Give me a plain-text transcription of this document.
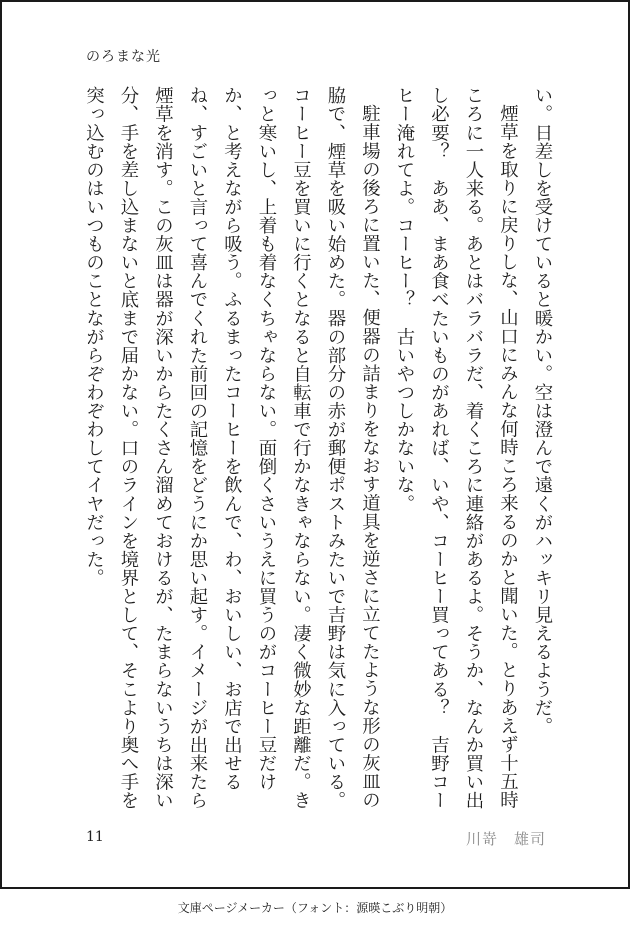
のろまな光
い。日差しを受けていると暖かい。空は澄んで遠くがハッキリ見えるようだ。
煙草を取りに戻りしな、山口にみんな何時ころ来るのかと聞いた。とりあえず十五時ころに一人来る。あとはバラバラだ、着くころに連絡があるよ。そうか、なんか買い出し必要？　ああ、まあ食べたいものがあれば、いや、コーヒー買ってある？　吉野コーヒー淹れてよ。コーヒー？　古いやつしかないな。
駐車場の後ろに置いた、便器の詰まりをなおす道具を逆さに立てたような形の灰皿の脇で、煙草を吸い始めた。器の部分の赤が郵便ポストみたいで吉野は気に入っている。コーヒー豆を買いに行くとなると自転車で行かなきゃならない。凄く微妙な距離だ。きっと寒いし、上着も着なくちゃならない。面倒くさいうえに買うのがコーヒー豆だけか、と考えながら吸う。ふるまったコーヒーを飲んで、わ、おいしい、お店で出せるね、すごいと言って喜んでくれた前回の記憶をどうにか思い起す。イメージが出来たら煙草を消す。この灰皿は器が深いからたくさん溜めておけるが、たまらないうちは深い分、手を差し込まないと底まで届かない。口のラインを境界として、そこより奥へ手を突っ込むのはいつものことながらぞわぞわしてイヤだった。
11	川嵜　雄司
文庫ページメーカー（フォント：源暎こぶり明朝）
